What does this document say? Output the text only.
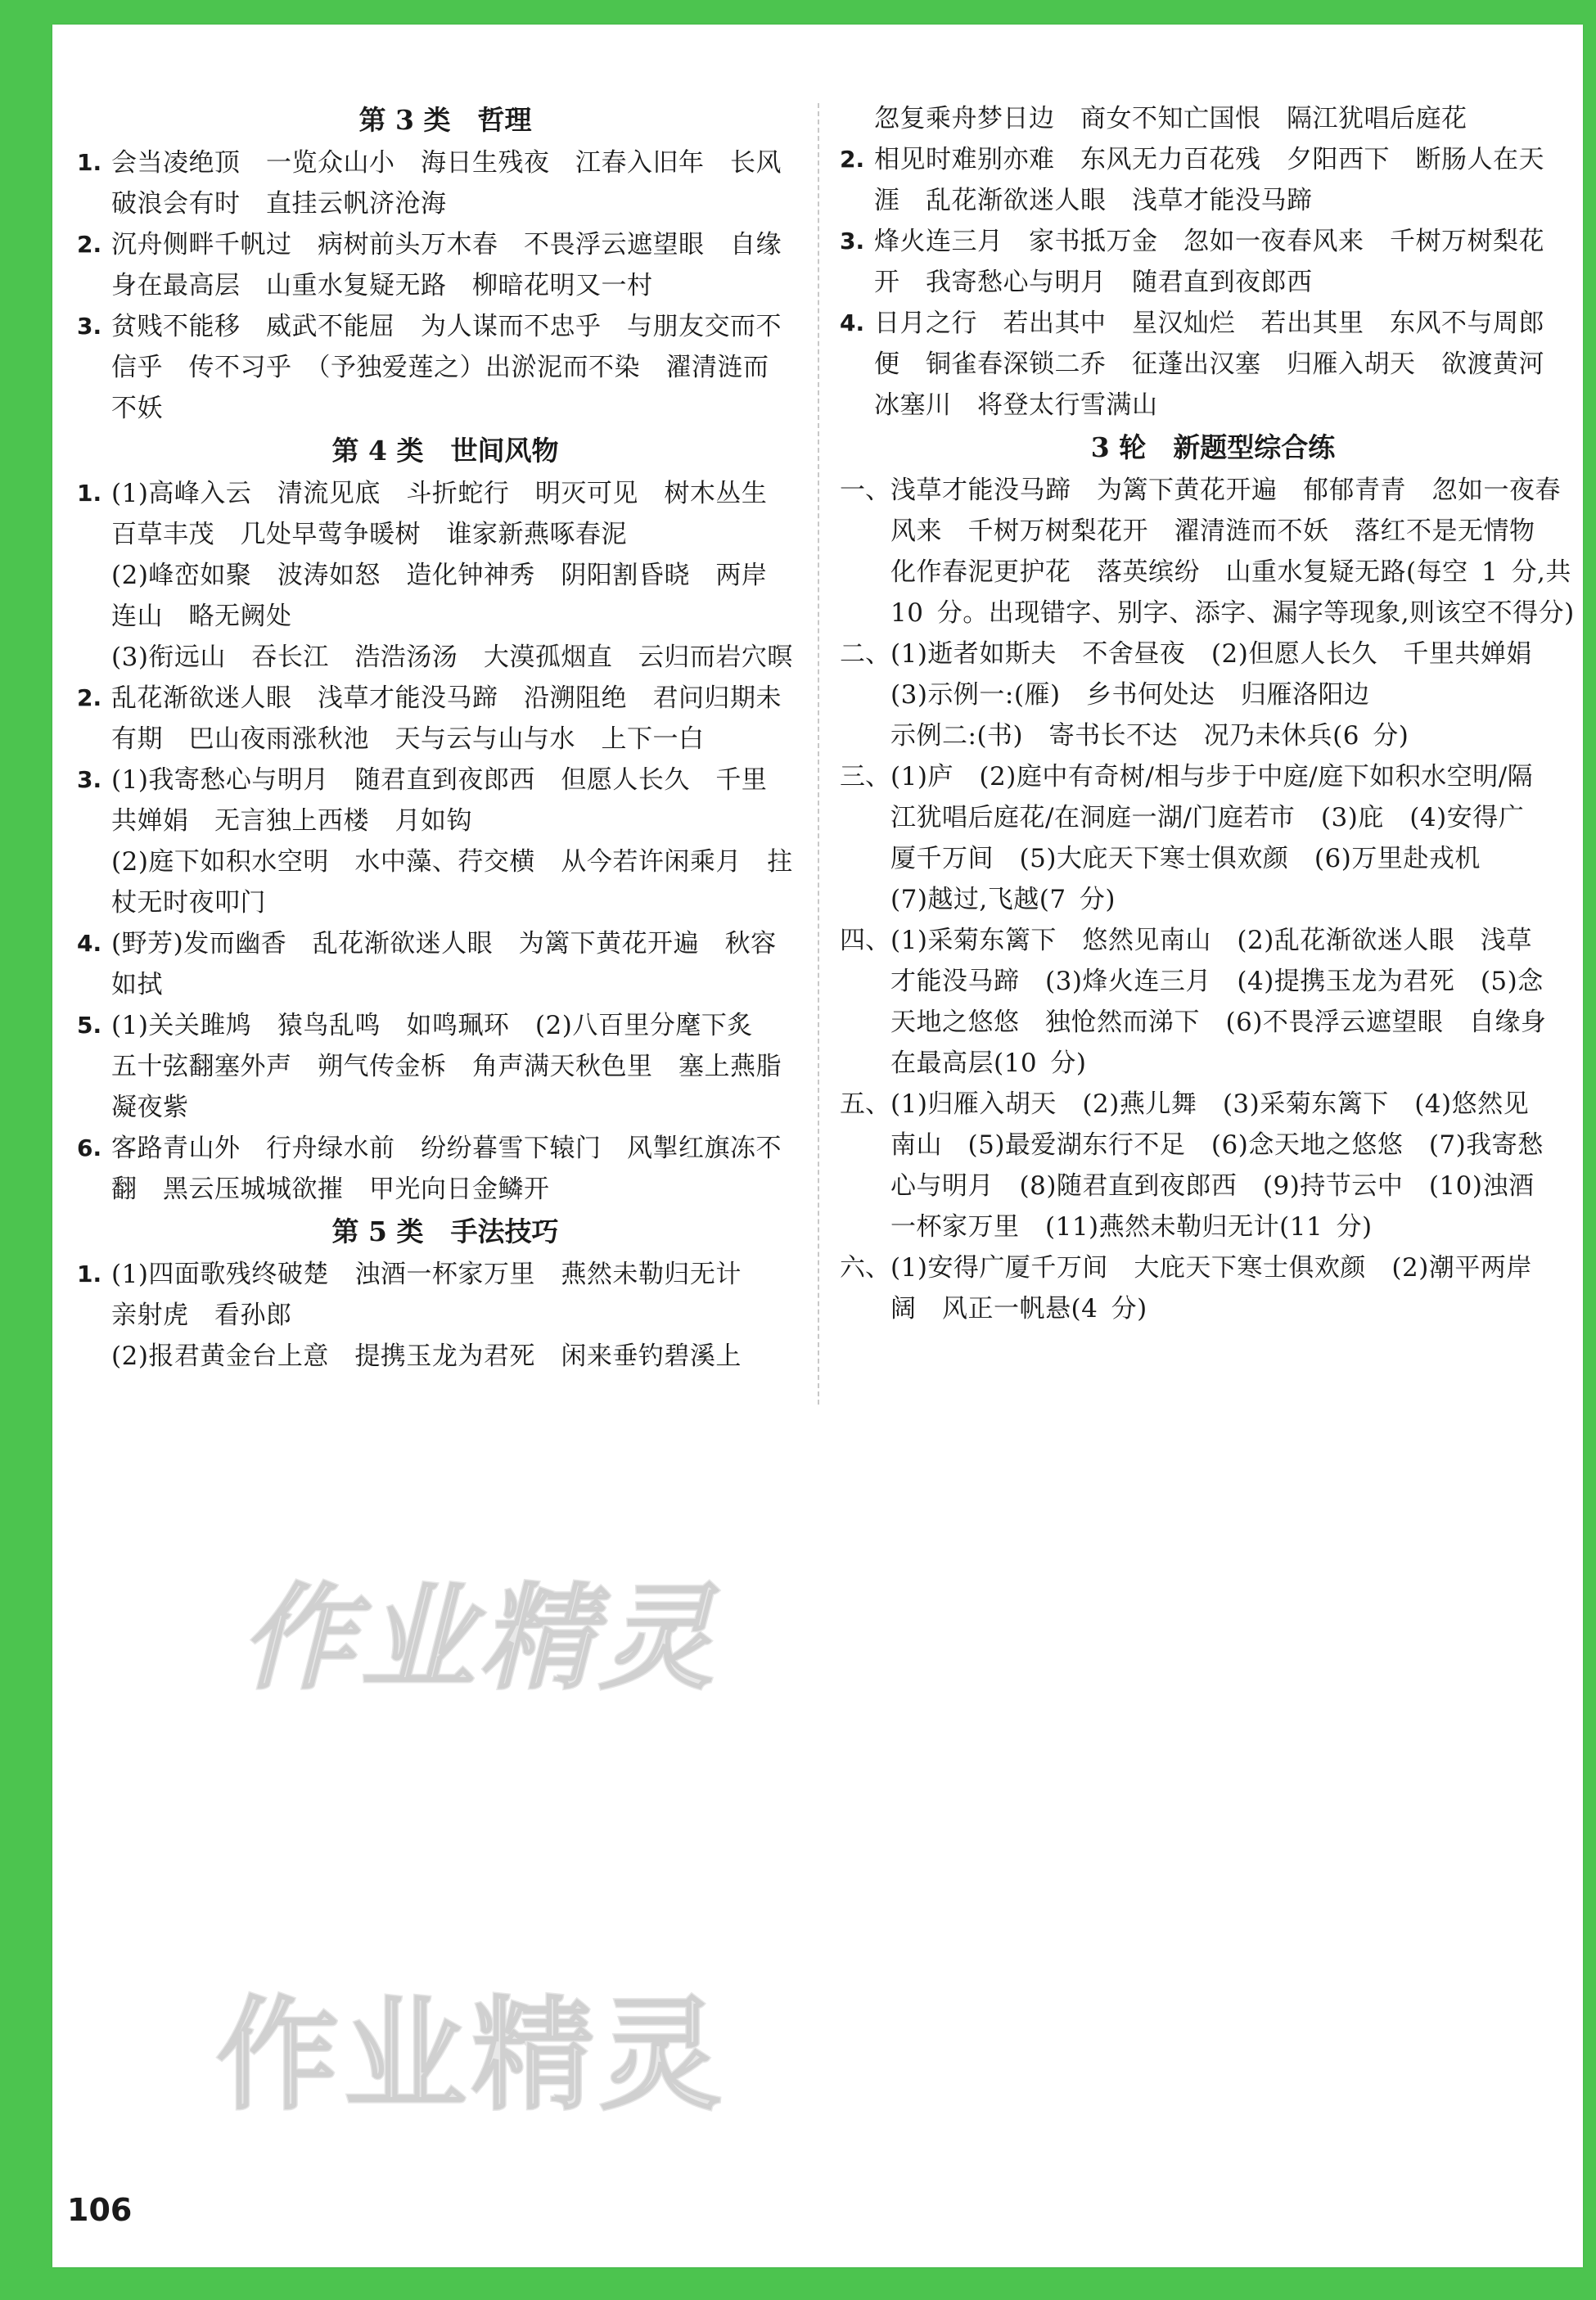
第 3 类　哲理
1. 会当凌绝顶　一览众山小　海日生残夜　江春入旧年　长风
破浪会有时　直挂云帆济沧海
2. 沉舟侧畔千帆过　病树前头万木春　不畏浮云遮望眼　自缘
身在最高层　山重水复疑无路　柳暗花明又一村
3. 贫贱不能移　威武不能屈　为人谋而不忠乎　与朋友交而不
信乎　传不习乎　（予独爱莲之）出淤泥而不染　濯清涟而
不妖
第 4 类　世间风物
1. (1)高峰入云　清流见底　斗折蛇行　明灭可见　树木丛生
百草丰茂　几处早莺争暖树　谁家新燕啄春泥
(2)峰峦如聚　波涛如怒　造化钟神秀　阴阳割昏晓　两岸
连山　略无阙处
(3)衔远山　吞长江　浩浩汤汤　大漠孤烟直　云归而岩穴暝
2. 乱花渐欲迷人眼　浅草才能没马蹄　沿溯阻绝　君问归期未
有期　巴山夜雨涨秋池　天与云与山与水　上下一白
3. (1)我寄愁心与明月　随君直到夜郎西　但愿人长久　千里
共婵娟　无言独上西楼　月如钩
(2)庭下如积水空明　水中藻、荇交横　从今若许闲乘月　拄
杖无时夜叩门
4. (野芳)发而幽香　乱花渐欲迷人眼　为篱下黄花开遍　秋容
如拭
5. (1)关关雎鸠　猿鸟乱鸣　如鸣珮环　(2)八百里分麾下炙
五十弦翻塞外声　朔气传金柝　角声满天秋色里　塞上燕脂
凝夜紫
6. 客路青山外　行舟绿水前　纷纷暮雪下辕门　风掣红旗冻不
翻　黑云压城城欲摧　甲光向日金鳞开
第 5 类　手法技巧
1. (1)四面歌残终破楚　浊酒一杯家万里　燕然未勒归无计
亲射虎　看孙郎
(2)报君黄金台上意　提携玉龙为君死　闲来垂钓碧溪上
忽复乘舟梦日边　商女不知亡国恨　隔江犹唱后庭花
2. 相见时难别亦难　东风无力百花残　夕阳西下　断肠人在天
涯　乱花渐欲迷人眼　浅草才能没马蹄
3. 烽火连三月　家书抵万金　忽如一夜春风来　千树万树梨花
开　我寄愁心与明月　随君直到夜郎西
4. 日月之行　若出其中　星汉灿烂　若出其里　东风不与周郎
便　铜雀春深锁二乔　征蓬出汉塞　归雁入胡天　欲渡黄河
冰塞川　将登太行雪满山
3 轮　新题型综合练
一、 浅草才能没马蹄　为篱下黄花开遍　郁郁青青　忽如一夜春
风来　千树万树梨花开　濯清涟而不妖　落红不是无情物
化作春泥更护花　落英缤纷　山重水复疑无路(每空 1 分,共
10 分。出现错字、别字、添字、漏字等现象,则该空不得分)
二、 (1)逝者如斯夫　不舍昼夜　(2)但愿人长久　千里共婵娟
(3)示例一:(雁)　乡书何处达　归雁洛阳边
示例二:(书)　寄书长不达　况乃未休兵(6 分)
三、 (1)庐　(2)庭中有奇树/相与步于中庭/庭下如积水空明/隔
江犹唱后庭花/在洞庭一湖/门庭若市　(3)庇　(4)安得广
厦千万间　(5)大庇天下寒士俱欢颜　(6)万里赴戎机
(7)越过,飞越(7 分)
四、 (1)采菊东篱下　悠然见南山　(2)乱花渐欲迷人眼　浅草
才能没马蹄　(3)烽火连三月　(4)提携玉龙为君死　(5)念
天地之悠悠　独怆然而涕下　(6)不畏浮云遮望眼　自缘身
在最高层(10 分)
五、 (1)归雁入胡天　(2)燕儿舞　(3)采菊东篱下　(4)悠然见
南山　(5)最爱湖东行不足　(6)念天地之悠悠　(7)我寄愁
心与明月　(8)随君直到夜郎西　(9)持节云中　(10)浊酒
一杯家万里　(11)燕然未勒归无计(11 分)
六、 (1)安得广厦千万间　大庇天下寒士俱欢颜　(2)潮平两岸
阔　风正一帆悬(4 分)
作业精灵
作业精灵
106
